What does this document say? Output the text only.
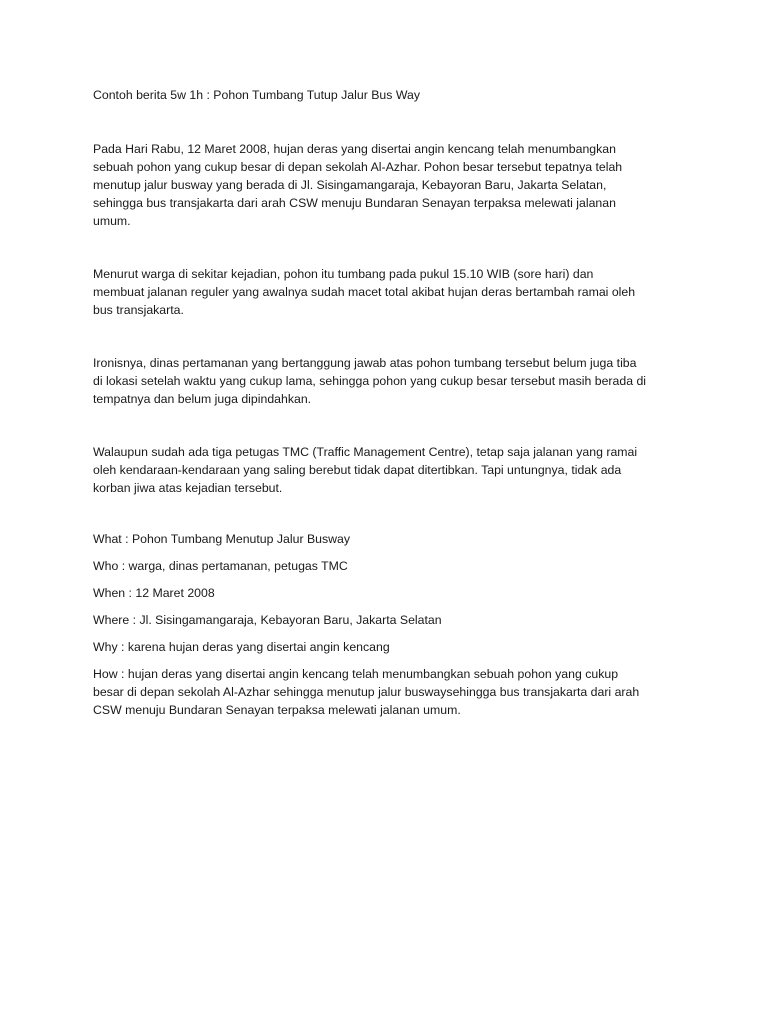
Contoh berita 5w 1h : Pohon Tumbang Tutup Jalur Bus Way

Pada Hari Rabu, 12 Maret 2008, hujan deras yang disertai angin kencang telah menumbangkan
sebuah pohon yang cukup besar di depan sekolah Al-Azhar. Pohon besar tersebut tepatnya telah
menutup jalur busway yang berada di Jl. Sisingamangaraja, Kebayoran Baru, Jakarta Selatan,
sehingga bus transjakarta dari arah CSW menuju Bundaran Senayan terpaksa melewati jalanan
umum.

Menurut warga di sekitar kejadian, pohon itu tumbang pada pukul 15.10 WIB (sore hari) dan
membuat jalanan reguler yang awalnya sudah macet total akibat hujan deras bertambah ramai oleh
bus transjakarta.

Ironisnya, dinas pertamanan yang bertanggung jawab atas pohon tumbang tersebut belum juga tiba
di lokasi setelah waktu yang cukup lama, sehingga pohon yang cukup besar tersebut masih berada di
tempatnya dan belum juga dipindahkan.

Walaupun sudah ada tiga petugas TMC (Traffic Management Centre), tetap saja jalanan yang ramai
oleh kendaraan-kendaraan yang saling berebut tidak dapat ditertibkan. Tapi untungnya, tidak ada
korban jiwa atas kejadian tersebut.

What : Pohon Tumbang Menutup Jalur Busway

Who : warga, dinas pertamanan, petugas TMC

When : 12 Maret 2008

Where : Jl. Sisingamangaraja, Kebayoran Baru, Jakarta Selatan

Why : karena hujan deras yang disertai angin kencang

How : hujan deras yang disertai angin kencang telah menumbangkan sebuah pohon yang cukup
besar di depan sekolah Al-Azhar sehingga menutup jalur buswaysehingga bus transjakarta dari arah
CSW menuju Bundaran Senayan terpaksa melewati jalanan umum.
